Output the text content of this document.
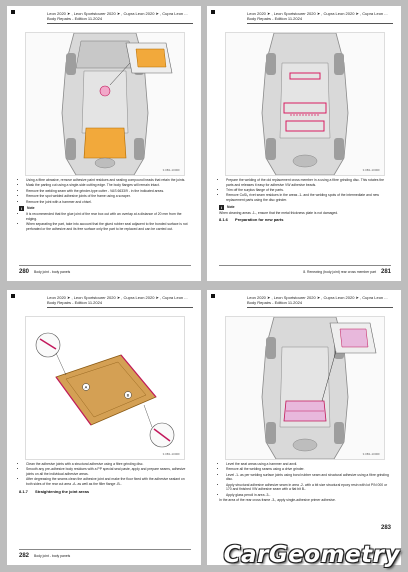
Leon 2020 ➤ , Leon Sportstourer 2020 ➤ , Cupra Leon 2020 ➤ , Cupra Leon ...
Body Repairs - Edition 11.2024
3.0B1-1000F
• Using a fibre abrasive, remove adhesive paint residues and sealing compound beads that retain the joints.
• Mask the parting cut using a single-side cutting edge. The body flanges will remain intact.
• Remove the welding seam with the grinder-type cutter - VAS 6633/9 - in the indicated areas.
• Remove the spot welded adhesive joints of the frame using a scraper.
• Remove the joint with a hammer and chisel.
i	Note
• It is recommended that the glue joint of the rear box out with an overlap at a distance of 20 mm from the edging.
• When separating the part, take into account that the glued rubber seal adjacent to the bonded surface is not perforated or the adhesive and its free surface only the part to be replaced and can be carried out.
280 Body joint - body panels
Leon 2020 ➤ , Leon Sportstourer 2020 ➤ , Cupra Leon 2020 ➤ , Cupra Leon ...
Body Repairs - Edition 11.2024
3.0B1-1000F
• Prepare the welding of the old replacement cross member in a using a fibre grinding disc. This rotates the parts and releases it easy for adhesive VW adhesive beads.
• Trim off the surplus flange of the parts.
• Remove CuSi₃ rivet seam residues in the areas -1- and the welding spots of the intermediate and new replacement parts using the disc grinder.
i	Note
When cleaning areas -1-, ensure that the metal thickness plate is not damaged.
8.1.6 Preparation for new parts
8. Renewing (body joint) rear cross member part 281
Leon 2020 ➤ , Leon Sportstourer 2020 ➤ , Cupra Leon 2020 ➤ , Cupra Leon ...
Body Repairs - Edition 11.2024
A
B
3.0B1-1000F
• Clean the adhesive joints with a structural adhesive using a fibre grinding disc.
• Smooth any pre-adhesive body residues with a PP special seal paste, apply and prepare seams, adhesive joints on all the individual adhesive areas.
• After degreasing the seams clean the adhesive joint and make the floor fixed with the adhesive sealant on both sides of the rear cut area -A- as well as the filler flange -B-.
8.1.7 Straightening the joint areas
282 Body joint - body panels
Leon 2020 ➤ , Leon Sportstourer 2020 ➤ , Cupra Leon 2020 ➤ , Cupra Leon ...
Body Repairs - Edition 11.2024
3.0B1-1000F
• Level the seat areas using a hammer and anvil.
• Remove all the welding seams using a drive grinder.
• Level -1- as per welding surface joints using bond rubber seam and structural adhesive using a fibre grinding disc.
• Apply structural adhesive adhesive seam in area -2- with a bit size structural epoxy resin with lot P/N 000 or 170 and finished VW adhesive seam with a flat bit B-.
• Apply glass pencil in area -3-.
In the area of the rear cross frame -3-, apply single-adhesive primer adhesive.
283
CarGeometry
